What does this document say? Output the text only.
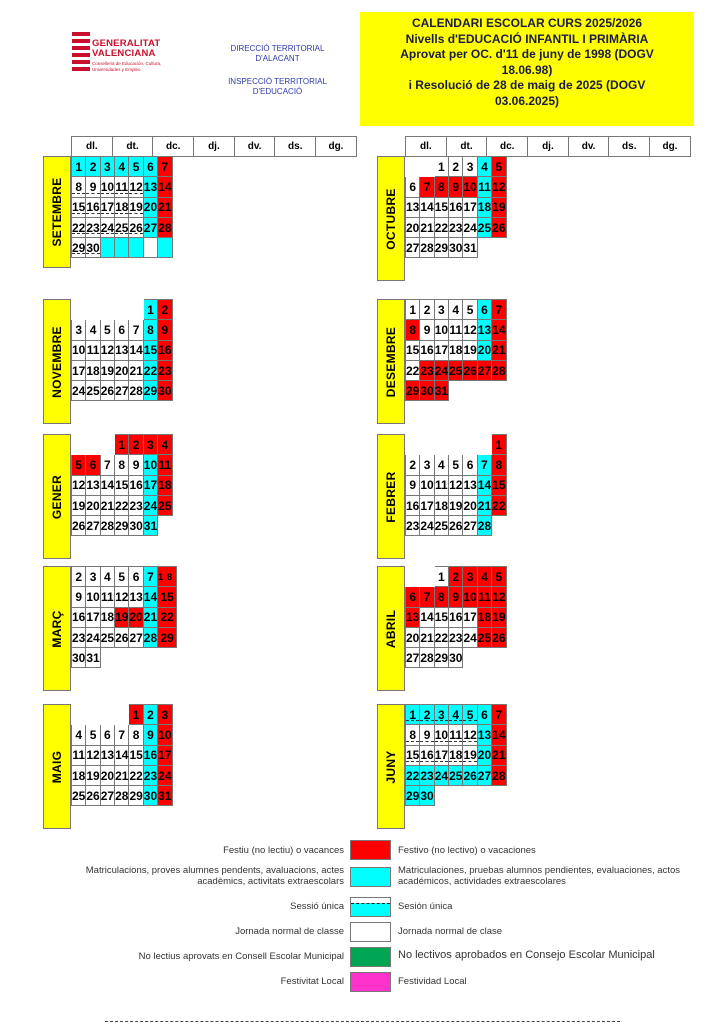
GENERALITAT
VALENCIANA
Conselleria de Educación, Cultura, Universidades y Empleo
DIRECCIÓ TERRITORIAL
D'ALACANT
INSPECCIÓ TERRITORIAL
D'EDUCACIÓ
CALENDARI ESCOLAR CURS 2025/2026
Nivells d'EDUCACIÓ INFANTIL I PRIMÀRIA
Aprovat per OC. d'11 de juny de 1998 (DOGV
18.06.98)
i Resolució de 28 de maig de 2025 (DOGV
03.06.2025)
dl.	dt.	dc.	dj.	dv.	ds.	dg.	dl.	dt.	dc.	dj.	dv.	ds.	dg.
SETEMBRE
1	2	3	4	5	6	7
8	9	10	11	12	13	14
15	16	17	18	19	20	21
22	23	24	25	26	27	28
29	30						OCTUBRE
		1	2	3	4	5
6	7	8	9	10	11	12
13	14	15	16	17	18	19
20	21	22	23	24	25	26
27	28	29	30	31		
NOVEMBRE
					1	2
3	4	5	6	7	8	9
10	11	12	13	14	15	16
17	18	19	20	21	22	23
24	25	26	27	28	29	30	DESEMBRE
1	2	3	4	5	6	7
8	9	10	11	12	13	14
15	16	17	18	19	20	21
22	23	24	25	26	27	28
29	30	31				
GENER
			1	2	3	4
5	6	7	8	9	10	11
12	13	14	15	16	17	18
19	20	21	22	23	24	25
26	27	28	29	30	31	
FEBRER
						1
2	3	4	5	6	7	8
9	10	11	12	13	14	15
16	17	18	19	20	21	22
23	24	25	26	27	28	
MARÇ
2	3	4	5	6	7	18
9	10	11	12	13	14	15
16	17	18	19	20	21	22
23	24	25	26	27	28	29
30	31					
ABRIL
		1	2	3	4	5
6	7	8	9	10	11	12
13	14	15	16	17	18	19
20	21	22	23	24	25	26
27	28	29	30			
MAIG
				1	2	3
4	5	6	7	8	9	10
11	12	13	14	15	16	17
18	19	20	21	22	23	24
25	26	27	28	29	30	31
JUNY
1	2	3	4	5	6	7
8	9	10	11	12	13	14
15	16	17	18	19	20	21
22	23	24	25	26	27	28
29	30					
Festiu (no lectiu) o vacances	Festivo (no lectivo) o vacaciones
Matriculacions, proves alumnes pendents, avaluacions, actes acadèmics, activitats extraescolars
Matriculaciones, pruebas alumnos pendientes, evaluaciones, actos académicos, actividades extraescolares
Sessió única	Sesión única
Jornada normal de classe	Jornada normal de clase
No lectius aprovats en Consell Escolar Municipal	No lectivos aprobados en Consejo Escolar Municipal
Festivitat Local	Festividad Local
